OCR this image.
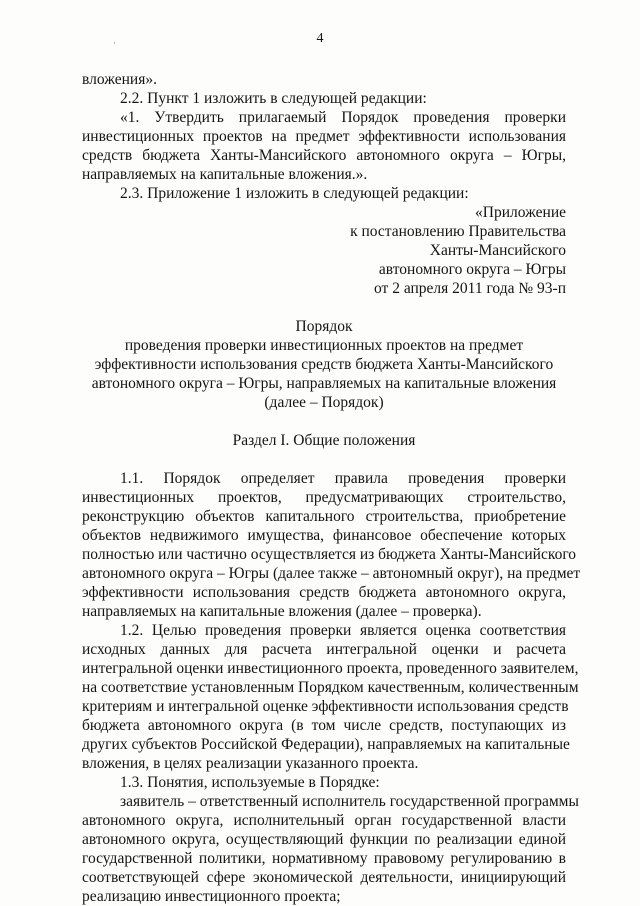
4
·
вложения».
2.2. Пункт 1 изложить в следующей редакции:
«1. Утвердить прилагаемый Порядок проведения проверки
инвестиционных проектов на предмет эффективности использования
средств бюджета Ханты-Мансийского автономного округа – Югры,
направляемых на капитальные вложения.».
2.3. Приложение 1 изложить в следующей редакции:
«Приложение
к постановлению Правительства
Ханты-Мансийского
автономного округа – Югры
от 2 апреля 2011 года № 93-п
Порядок
проведения проверки инвестиционных проектов на предмет
эффективности использования средств бюджета Ханты-Мансийского
автономного округа – Югры, направляемых на капитальные вложения
(далее – Порядок)
Раздел I. Общие положения
1.1. Порядок определяет правила проведения проверки
инвестиционных проектов, предусматривающих строительство,
реконструкцию объектов капитального строительства, приобретение
объектов недвижимого имущества, финансовое обеспечение которых
полностью или частично осуществляется из бюджета Ханты-Мансийского
автономного округа – Югры (далее также – автономный округ), на предмет
эффективности использования средств бюджета автономного округа,
направляемых на капитальные вложения (далее – проверка).
1.2. Целью проведения проверки является оценка соответствия
исходных данных для расчета интегральной оценки и расчета
интегральной оценки инвестиционного проекта, проведенного заявителем,
на соответствие установленным Порядком качественным, количественным
критериям и интегральной оценке эффективности использования средств
бюджета автономного округа (в том числе средств, поступающих из
других субъектов Российской Федерации), направляемых на капитальные
вложения, в целях реализации указанного проекта.
1.3. Понятия, используемые в Порядке:
заявитель – ответственный исполнитель государственной программы
автономного округа, исполнительный орган государственной власти
автономного округа, осуществляющий функции по реализации единой
государственной политики, нормативному правовому регулированию в
соответствующей сфере экономической деятельности, инициирующий
реализацию инвестиционного проекта;
